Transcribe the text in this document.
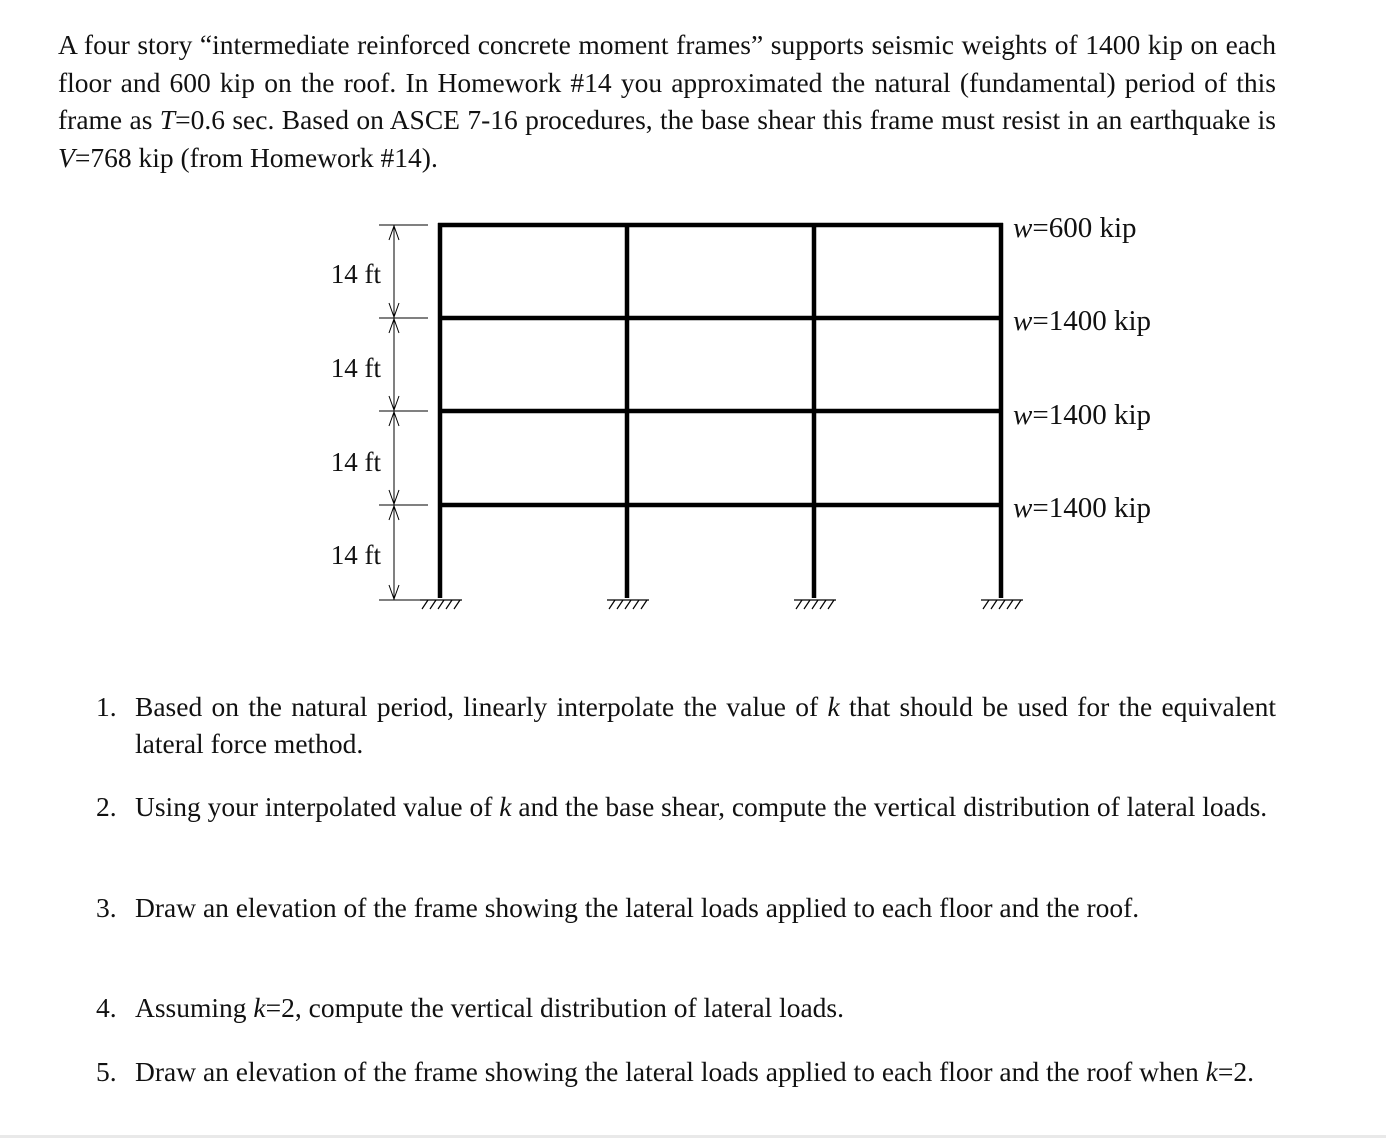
A four story “intermediate reinforced concrete moment frames” supports seismic weights of 1400 kip on each floor and 600 kip on the roof. In Homework #14 you approximated the natural (fundamental) period of this frame as T=0.6 sec. Based on ASCE 7-16 procedures, the base shear this frame must resist in an earthquake is V=768 kip (from Homework #14).
14 ft
14 ft
14 ft
14 ft
w=600 kip
w=1400 kip
w=1400 kip
w=1400 kip
1. Based on the natural period, linearly interpolate the value of k that should be used for the equivalent lateral force method.
2. Using your interpolated value of k and the base shear, compute the vertical distribution of lateral loads.
3. Draw an elevation of the frame showing the lateral loads applied to each floor and the roof.
4. Assuming k=2, compute the vertical distribution of lateral loads.
5. Draw an elevation of the frame showing the lateral loads applied to each floor and the roof when k=2.
